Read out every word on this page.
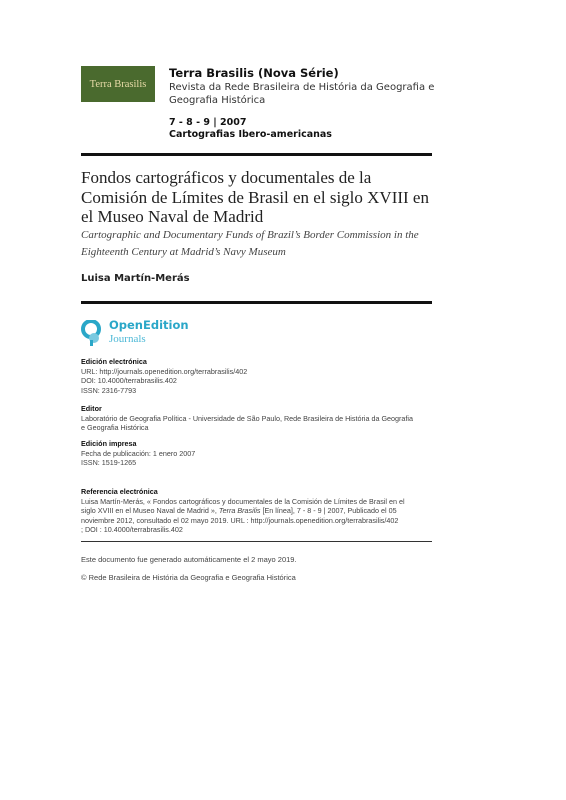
Terra Brasilis
Terra Brasilis (Nova Série)
Revista da Rede Brasileira de História da Geografia e
Geografia Histórica
7 - 8 - 9 | 2007
Cartografias Ibero-americanas
Fondos cartográficos y documentales de la
Comisión de Límites de Brasil en el siglo XVIII en
el Museo Naval de Madrid
Cartographic and Documentary Funds of Brazil’s Border Commission in the
Eighteenth Century at Madrid’s Navy Museum
Luisa Martín-Merás
OpenEdition
Journals
Edición electrónica
URL: http://journals.openedition.org/terrabrasilis/402
DOI: 10.4000/terrabrasilis.402
ISSN: 2316-7793
Editor
Laboratório de Geografia Política - Universidade de São Paulo, Rede Brasileira de História da Geografia
e Geografia Histórica
Edición impresa
Fecha de publicación: 1 enero 2007
ISSN: 1519-1265
Referencia electrónica
Luisa Martín-Merás, « Fondos cartográficos y documentales de la Comisión de Límites de Brasil en el
siglo XVIII en el Museo Naval de Madrid », Terra Brasilis [En línea], 7 - 8 - 9 | 2007, Publicado el 05
noviembre 2012, consultado el 02 mayo 2019. URL : http://journals.openedition.org/terrabrasilis/402
; DOI : 10.4000/terrabrasilis.402
Este documento fue generado automáticamente el 2 mayo 2019.
© Rede Brasileira de História da Geografia e Geografia Histórica
